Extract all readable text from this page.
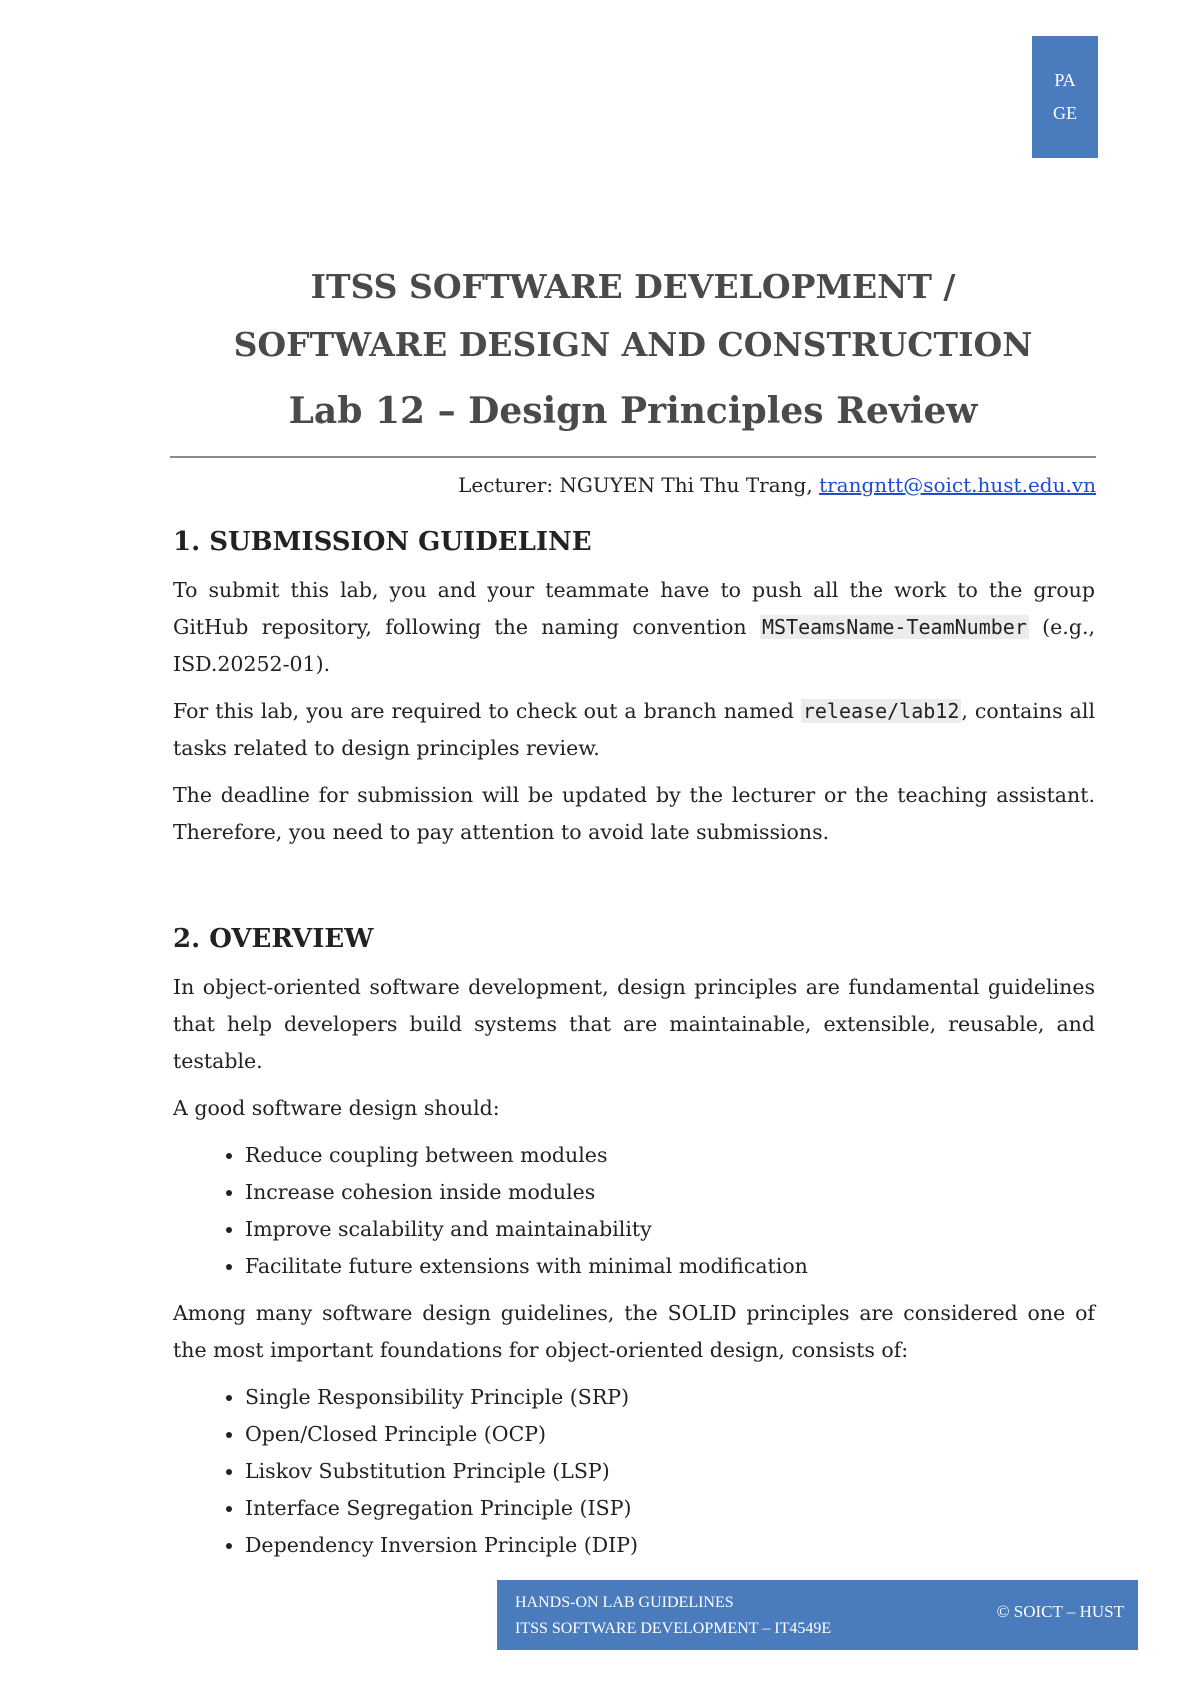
PA
GE
ITSS SOFTWARE DEVELOPMENT /
SOFTWARE DESIGN AND CONSTRUCTION
Lab 12 – Design Principles Review
Lecturer: NGUYEN Thi Thu Trang, trangntt@soict.hust.edu.vn
1. SUBMISSION GUIDELINE

To submit this lab, you and your teammate have to push all the work to the group GitHub repository, following the naming convention MSTeamsName-TeamNumber (e.g., ISD.20252-01).

For this lab, you are required to check out a branch named release/lab12, contains all tasks related to design principles review.

The deadline for submission will be updated by the lecturer or the teaching assistant. Therefore, you need to pay attention to avoid late submissions.

2. OVERVIEW

In object-oriented software development, design principles are fundamental guidelines that help developers build systems that are maintainable, extensible, reusable, and testable.

A good software design should:

• Reduce coupling between modules
• Increase cohesion inside modules
• Improve scalability and maintainability
• Facilitate future extensions with minimal modification

Among many software design guidelines, the SOLID principles are considered one of the most important foundations for object-oriented design, consists of:

• Single Responsibility Principle (SRP)
• Open/Closed Principle (OCP)
• Liskov Substitution Principle (LSP)
• Interface Segregation Principle (ISP)
• Dependency Inversion Principle (DIP)
HANDS-ON LAB GUIDELINES
ITSS SOFTWARE DEVELOPMENT – IT4549E
© SOICT – HUST
